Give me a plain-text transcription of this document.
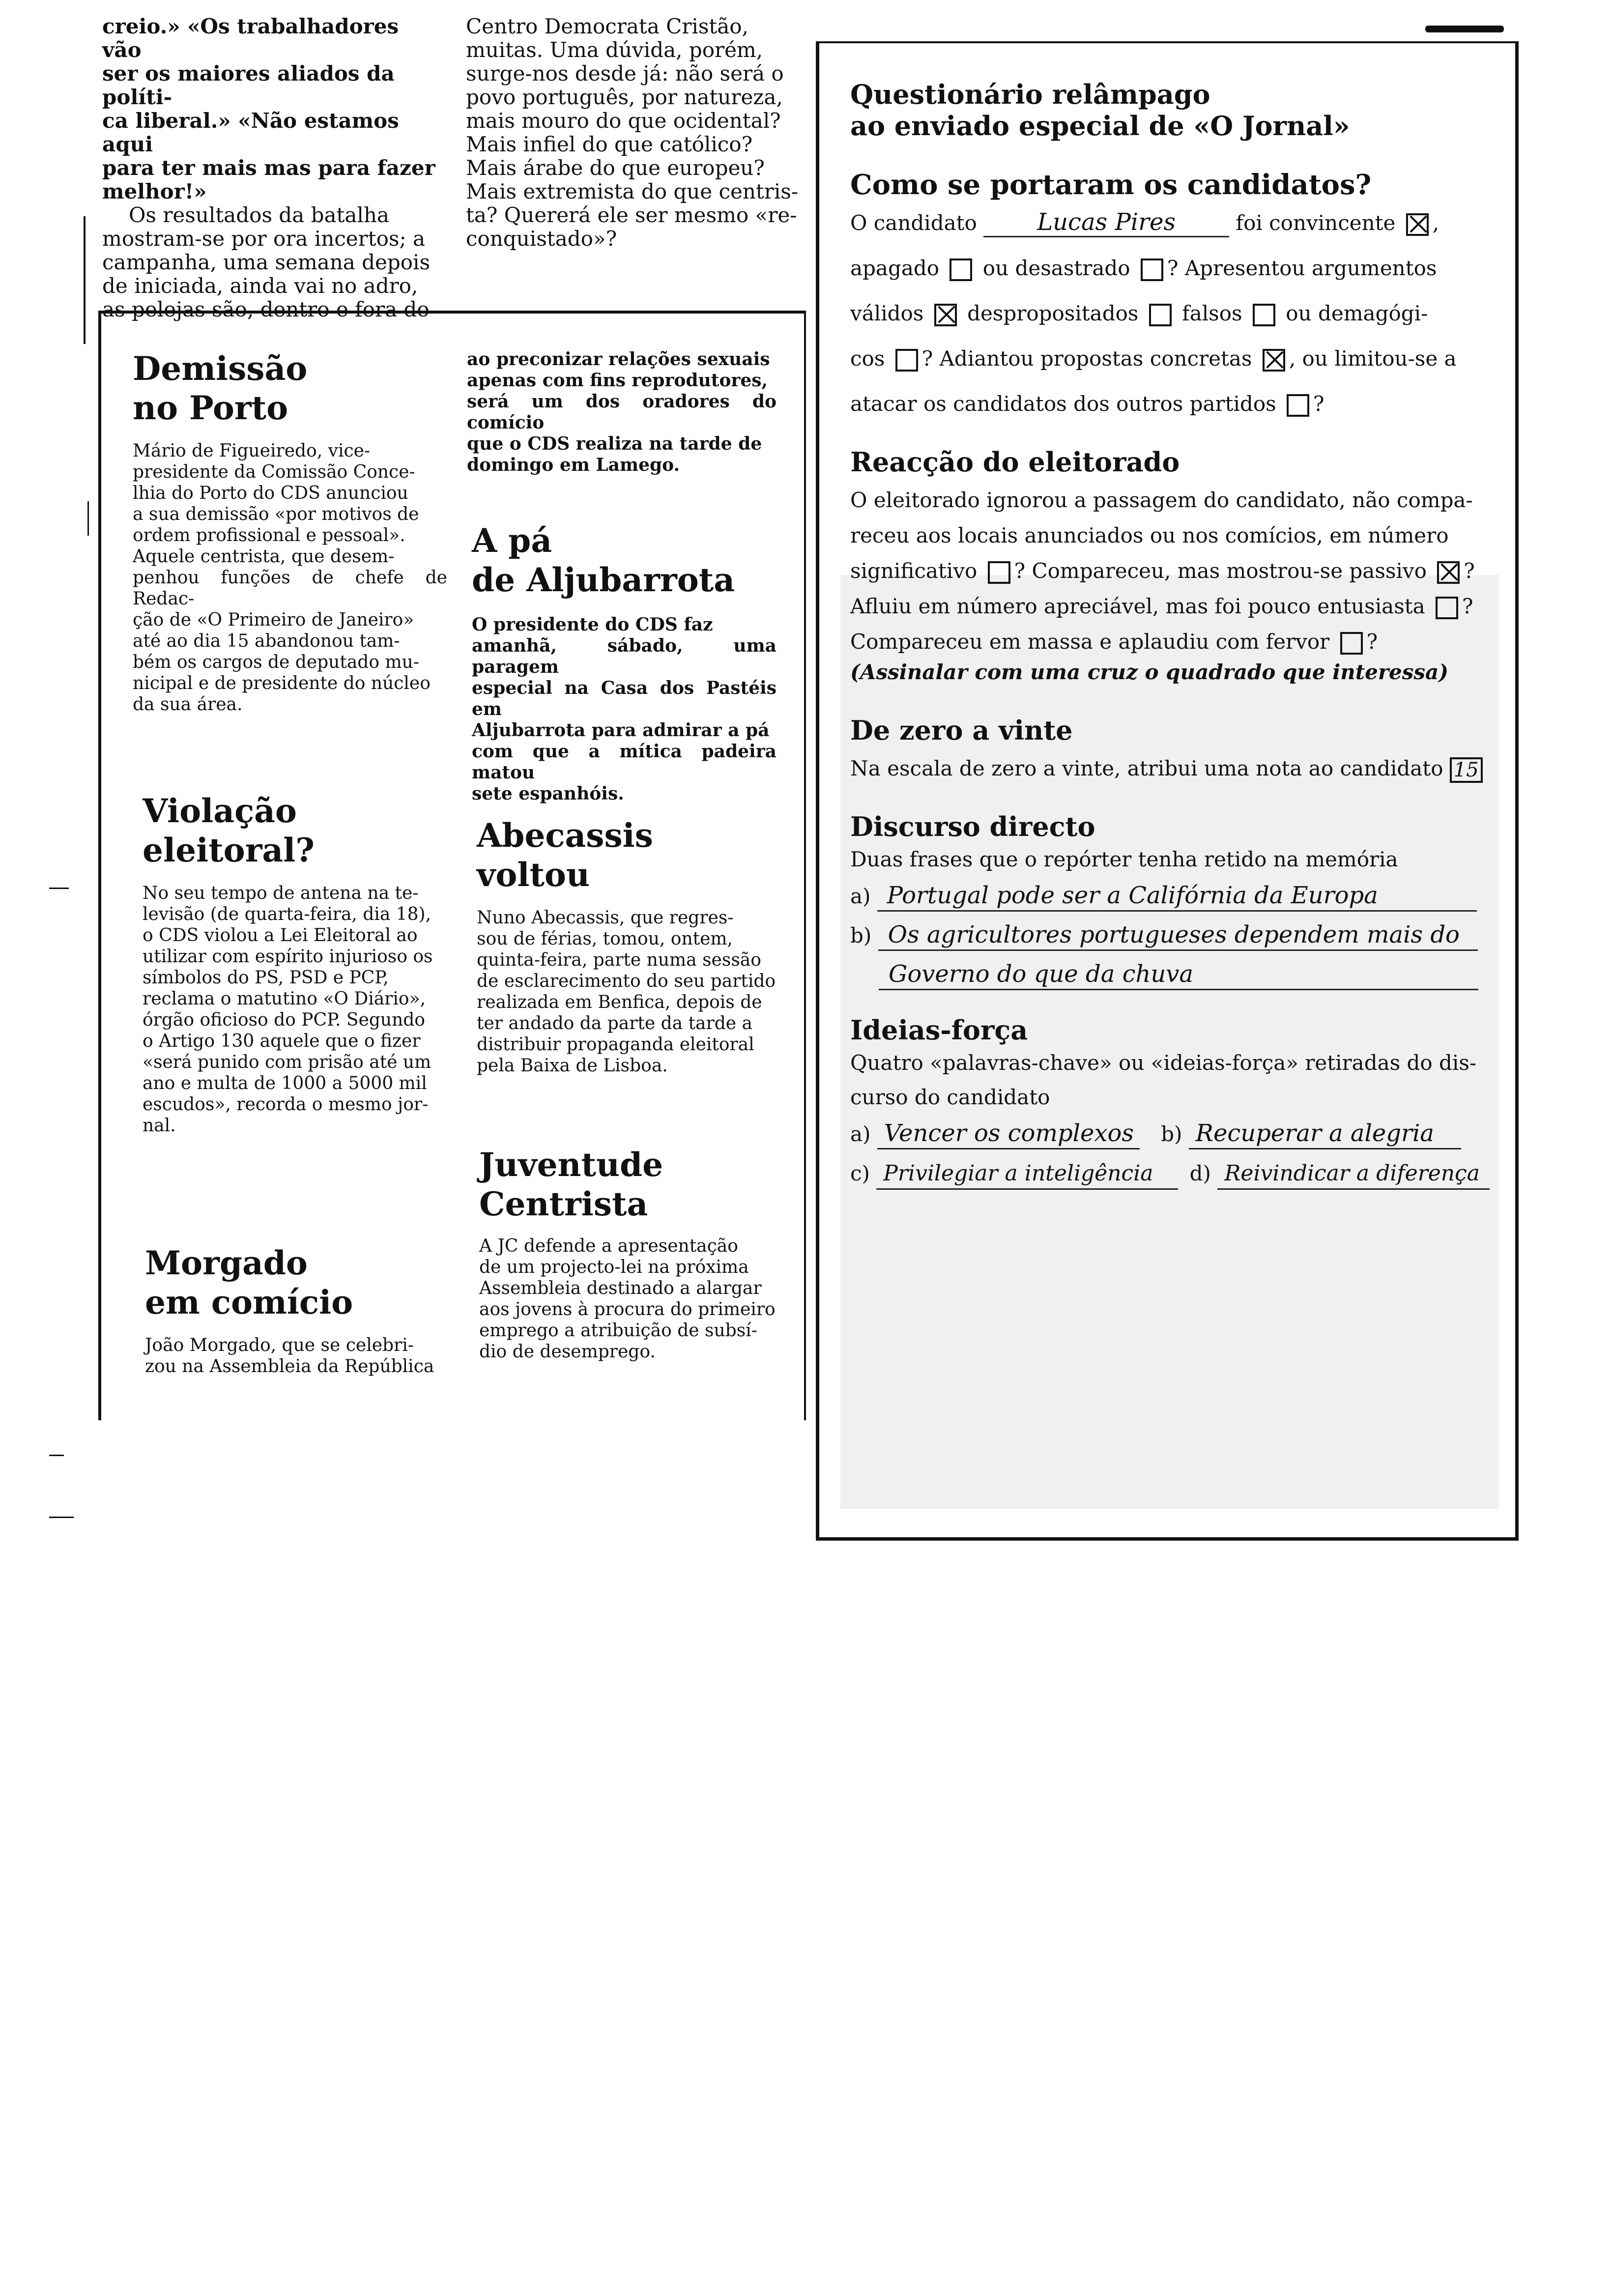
creio.» «Os trabalhadores vão
ser os maiores aliados da políti-
ca liberal.» «Não estamos aqui
para ter mais mas para fazer
melhor!»
Os resultados da batalha
mostram-se por ora incertos; a
campanha, uma semana depois
de iniciada, ainda vai no adro,
as pelejas são, dentro e fora do
Centro Democrata Cristão,
muitas. Uma dúvida, porém,
surge-nos desde já: não será o
povo português, por natureza,
mais mouro do que ocidental?
Mais infiel do que católico?
Mais árabe do que europeu?
Mais extremista do que centris-
ta? Quererá ele ser mesmo «re-
conquistado»?
Demissão
no Porto
Mário de Figueiredo, vice-
presidente da Comissão Conce-
lhia do Porto do CDS anunciou
a sua demissão «por motivos de
ordem profissional e pessoal».
Aquele centrista, que desem-
penhou funções de chefe de Redac-
ção de «O Primeiro de Janeiro»
até ao dia 15 abandonou tam-
bém os cargos de deputado mu-
nicipal e de presidente do núcleo
da sua área.
ao preconizar relações sexuais
apenas com fins reprodutores,
será um dos oradores do comício
que o CDS realiza na tarde de
domingo em Lamego.
A pá
de Aljubarrota
O presidente do CDS faz
amanhã, sábado, uma paragem
especial na Casa dos Pastéis em
Aljubarrota para admirar a pá
com que a mítica padeira matou
sete espanhóis.
Violação
eleitoral?
No seu tempo de antena na te-
levisão (de quarta-feira, dia 18),
o CDS violou a Lei Eleitoral ao
utilizar com espírito injurioso os
símbolos do PS, PSD e PCP,
reclama o matutino «O Diário»,
órgão oficioso do PCP. Segundo
o Artigo 130 aquele que o fizer
«será punido com prisão até um
ano e multa de 1000 a 5000 mil
escudos», recorda o mesmo jor-
nal.
Abecassis
voltou
Nuno Abecassis, que regres-
sou de férias, tomou, ontem,
quinta-feira, parte numa sessão
de esclarecimento do seu partido
realizada em Benfica, depois de
ter andado da parte da tarde a
distribuir propaganda eleitoral
pela Baixa de Lisboa.
Juventude
Centrista
A JC defende a apresentação
de um projecto-lei na próxima
Assembleia destinado a alargar
aos jovens à procura do primeiro
emprego a atribuição de subsí-
dio de desemprego.
Morgado
em comício
João Morgado, que se celebri-
zou na Assembleia da República
Questionário relâmpago
ao enviado especial de «O Jornal»
Como se portaram os candidatos?
O candidato	Lucas Pires	foi convincente ,
apagado ou desastrado ? Apresentou argumentos
válidos despropositados falsos ou demagógi-
cos ? Adiantou propostas concretas , ou limitou-se a
atacar os candidatos dos outros partidos ?
Reacção do eleitorado
O eleitorado ignorou a passagem do candidato, não compa-
receu aos locais anunciados ou nos comícios, em número
significativo ? Compareceu, mas mostrou-se passivo ?
Afluiu em número apreciável, mas foi pouco entusiasta ?
Compareceu em massa e aplaudiu com fervor ?
(Assinalar com uma cruz o quadrado que interessa)
De zero a vinte
Na escala de zero a vinte, atribui uma nota ao candidato 15
Discurso directo
Duas frases que o repórter tenha retido na memória
a) Portugal pode ser a Califórnia da Europa
b) Os agricultores portugueses dependem mais do
Governo do que da chuva
Ideias-força
Quatro «palavras-chave» ou «ideias-força» retiradas do dis-
curso do candidato
a) Vencer os complexos b) Recuperar a alegria
c) Privilegiar a inteligência d) Reivindicar a diferença
